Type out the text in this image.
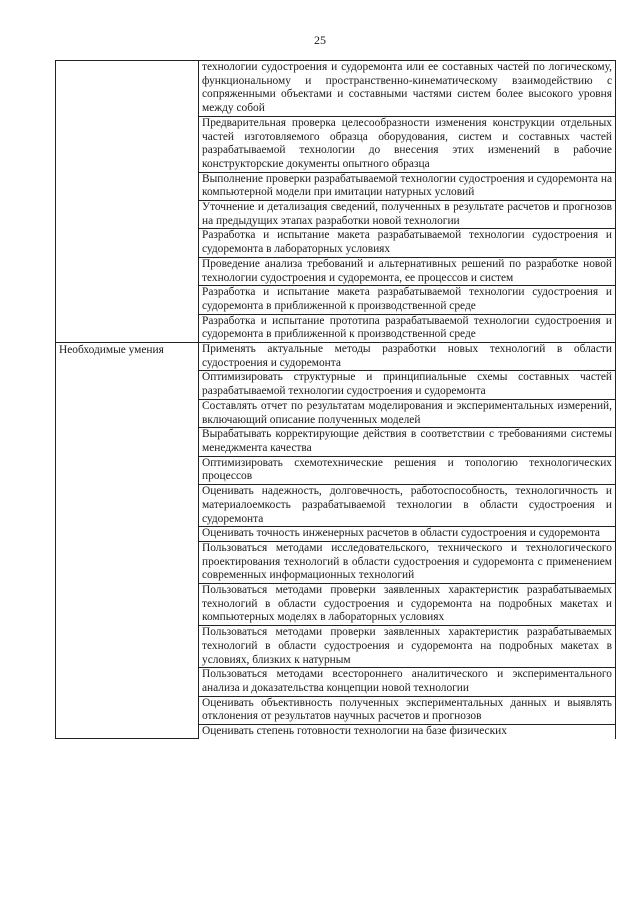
25

	технологии судостроения и судоремонта или ее составных частей по логическому, функциональному и пространственно-кинематическому взаимодействию с сопряженными объектами и составными частями систем более высокого уровня между собой

	Предварительная проверка целесообразности изменения конструкции отдельных частей изготовляемого образца оборудования, систем и составных частей разрабатываемой технологии до внесения этих изменений в рабочие конструкторские документы опытного образца

	Выполнение проверки разрабатываемой технологии судостроения и судоремонта на компьютерной модели при имитации натурных условий

	Уточнение и детализация сведений, полученных в результате расчетов и прогнозов на предыдущих этапах разработки новой технологии

	Разработка и испытание макета разрабатываемой технологии судостроения и судоремонта в лабораторных условиях

	Проведение анализа требований и альтернативных решений по разработке новой технологии судостроения и судоремонта, ее процессов и систем

	Разработка и испытание макета разрабатываемой технологии судостроения и судоремонта в приближенной к производственной среде

	Разработка и испытание прототипа разрабатываемой технологии судостроения и судоремонта в приближенной к производственной среде

Необходимые умения	Применять актуальные методы разработки новых технологий в области судостроения и судоремонта

	Оптимизировать структурные и принципиальные схемы составных частей разрабатываемой технологии судостроения и судоремонта

	Составлять отчет по результатам моделирования и экспериментальных измерений, включающий описание полученных моделей

	Вырабатывать корректирующие действия в соответствии с требованиями системы менеджмента качества

	Оптимизировать схемотехнические решения и топологию технологических процессов

	Оценивать надежность, долговечность, работоспособность, технологичность и материалоемкость разрабатываемой технологии в области судостроения и судоремонта

	Оценивать точность инженерных расчетов в области судостроения и судоремонта

	Пользоваться методами исследовательского, технического и технологического проектирования технологий в области судостроения и судоремонта с применением современных информационных технологий

	Пользоваться методами проверки заявленных характеристик разрабатываемых технологий в области судостроения и судоремонта на подробных макетах и компьютерных моделях в лабораторных условиях

	Пользоваться методами проверки заявленных характеристик разрабатываемых технологий в области судостроения и судоремонта на подробных макетах в условиях, близких к натурным

	Пользоваться методами всестороннего аналитического и экспериментального анализа и доказательства концепции новой технологии

	Оценивать объективность полученных экспериментальных данных и выявлять отклонения от результатов научных расчетов и прогнозов

	Оценивать степень готовности технологии на базе физических
